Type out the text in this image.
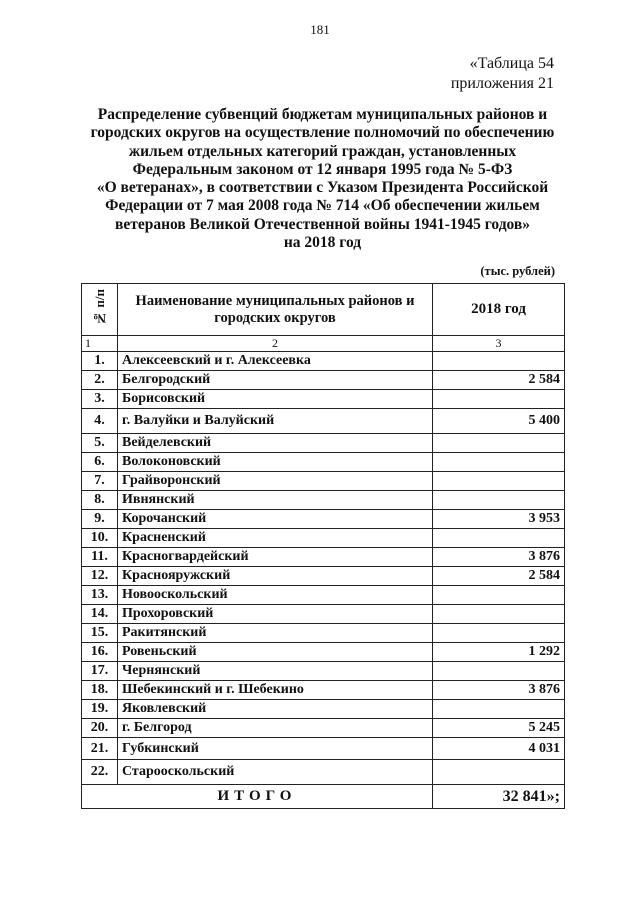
181
«Таблица 54
приложения 21
Распределение субвенций бюджетам муниципальных районов и
городских округов на осуществление полномочий по обеспечению
жильем отдельных категорий граждан, установленных
Федеральным законом от 12 января 1995 года № 5-ФЗ
«О ветеранах», в соответствии с Указом Президента Российской
Федерации от 7 мая 2008 года № 714 «Об обеспечении жильем
ветеранов Великой Отечественной войны 1941-1945 годов»
на 2018 год
(тыс. рублей)
№ п/п	Наименование муниципальных районов и городских округов	2018 год
1	2	3
1.	Алексеевский и г. Алексеевка	
2.	Белгородский	2 584
3.	Борисовский	
4.	г. Валуйки и Валуйский	5 400
5.	Вейделевский	
6.	Волоконовский	
7.	Грайворонский	
8.	Ивнянский	
9.	Корочанский	3 953
10.	Красненский	
11.	Красногвардейский	3 876
12.	Краснояружский	2 584
13.	Новооскольский	
14.	Прохоровский	
15.	Ракитянский	
16.	Ровеньский	1 292
17.	Чернянский	
18.	Шебекинский и г. Шебекино	3 876
19.	Яковлевский	
20.	г. Белгород	5 245
21.	Губкинский	4 031
22.	Старооскольский	
ИТОГО		32 841»;
